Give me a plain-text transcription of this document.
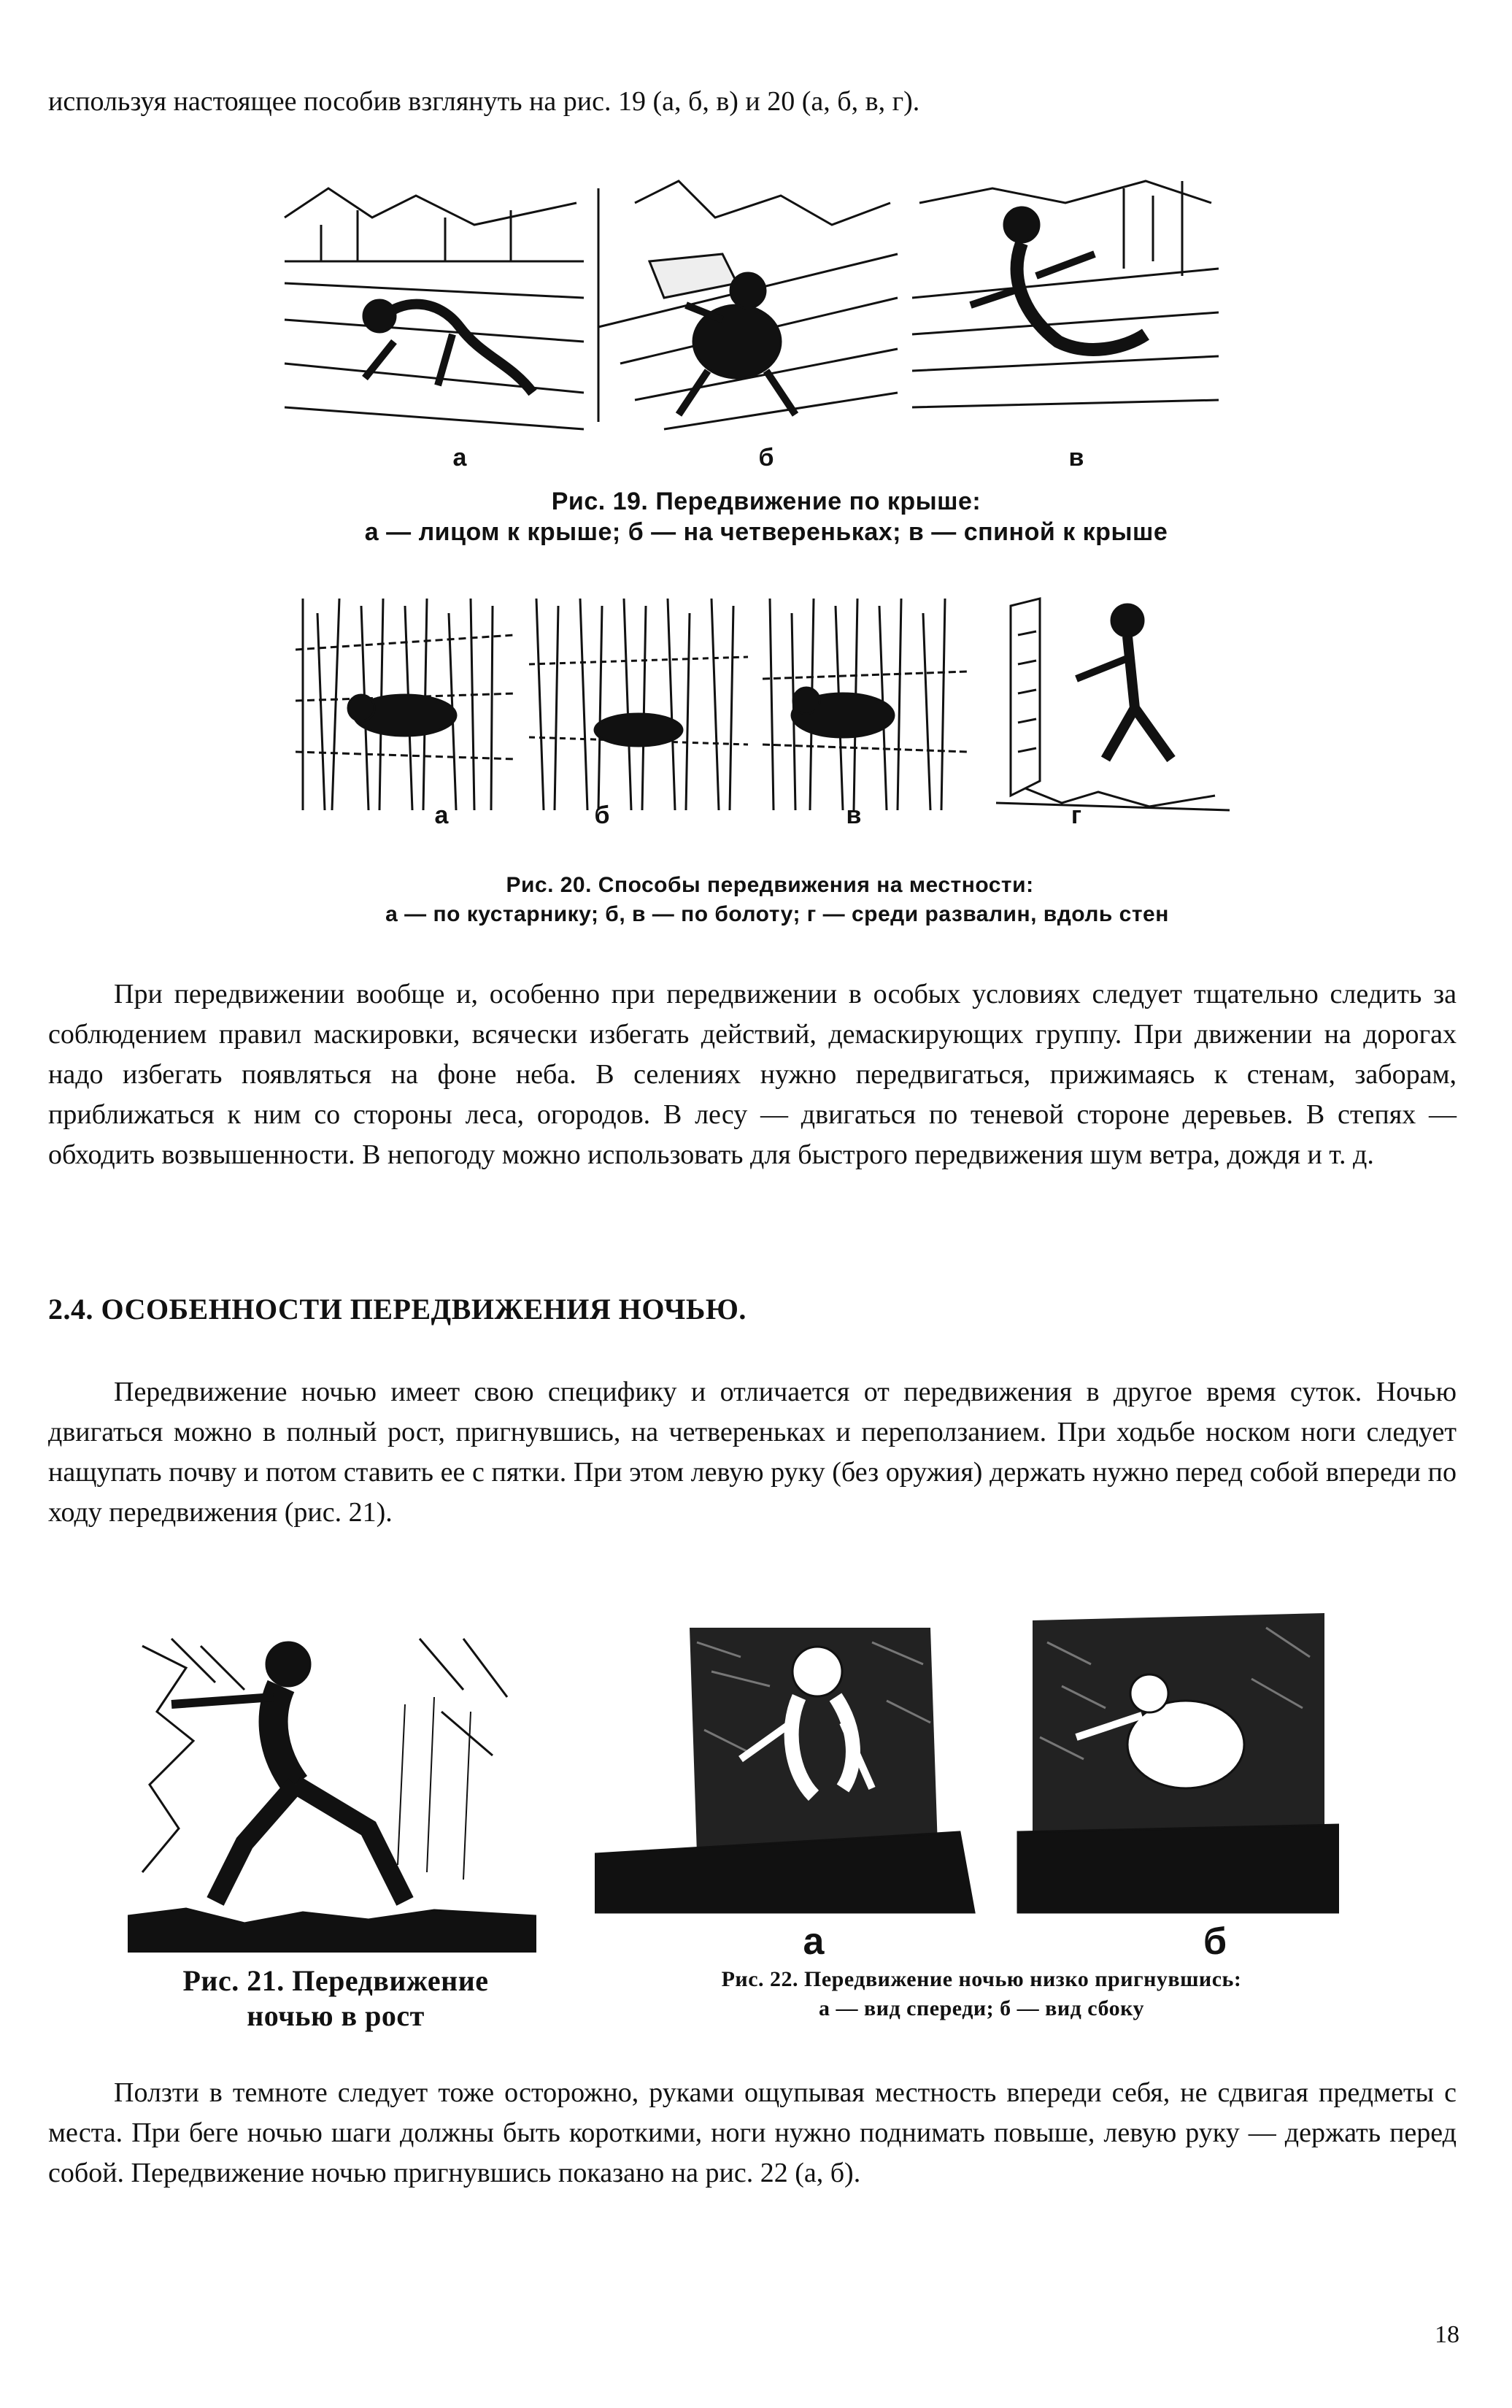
используя настоящее пособив взглянуть на рис. 19 (а, б, в) и 20 (а, б, в, г).
а	б	в
Рис. 19. Передвижение по крыше:
а — лицом к крыше; б — на четвереньках; в — спиной к крыше
а	б	в	г
Рис. 20. Способы передвижения на местности:
а — по кустарнику; б, в — по болоту; г — среди развалин, вдоль стен
При передвижении вообще и, особенно при передвижении в особых условиях следует тщательно следить за соблюдением правил маскировки, всячески избегать действий, демаскирующих группу. При движении на дорогах надо избегать появляться на фоне неба. В селениях нужно передвигаться, прижимаясь к стенам, заборам, приближаться к ним со стороны леса, огородов. В лесу — двигаться по теневой стороне деревьев. В степях — обходить возвышенности. В непогоду можно использовать для быстрого передвижения шум ветра, дождя и т. д.
2.4. ОСОБЕННОСТИ ПЕРЕДВИЖЕНИЯ НОЧЬЮ.
Передвижение ночью имеет свою специфику и отличается от передвижения в другое время суток. Ночью двигаться можно в полный рост, пригнувшись, на четвереньках и переползанием. При ходьбе носком ноги следует нащупать почву и потом ставить ее с пятки. При этом левую руку (без оружия) держать нужно перед собой впереди по ходу передвижения (рис. 21).
Рис. 21. Передвижение
ночью в рост
а	б
Рис. 22. Передвижение ночью низко пригнувшись:
а — вид спереди; б — вид сбоку
Ползти в темноте следует тоже осторожно, руками ощупывая местность впереди себя, не сдвигая предметы с места. При беге ночью шаги должны быть короткими, ноги нужно поднимать повыше, левую руку — держать перед собой. Передвижение ночью пригнувшись показано на рис. 22 (а, б).
18
